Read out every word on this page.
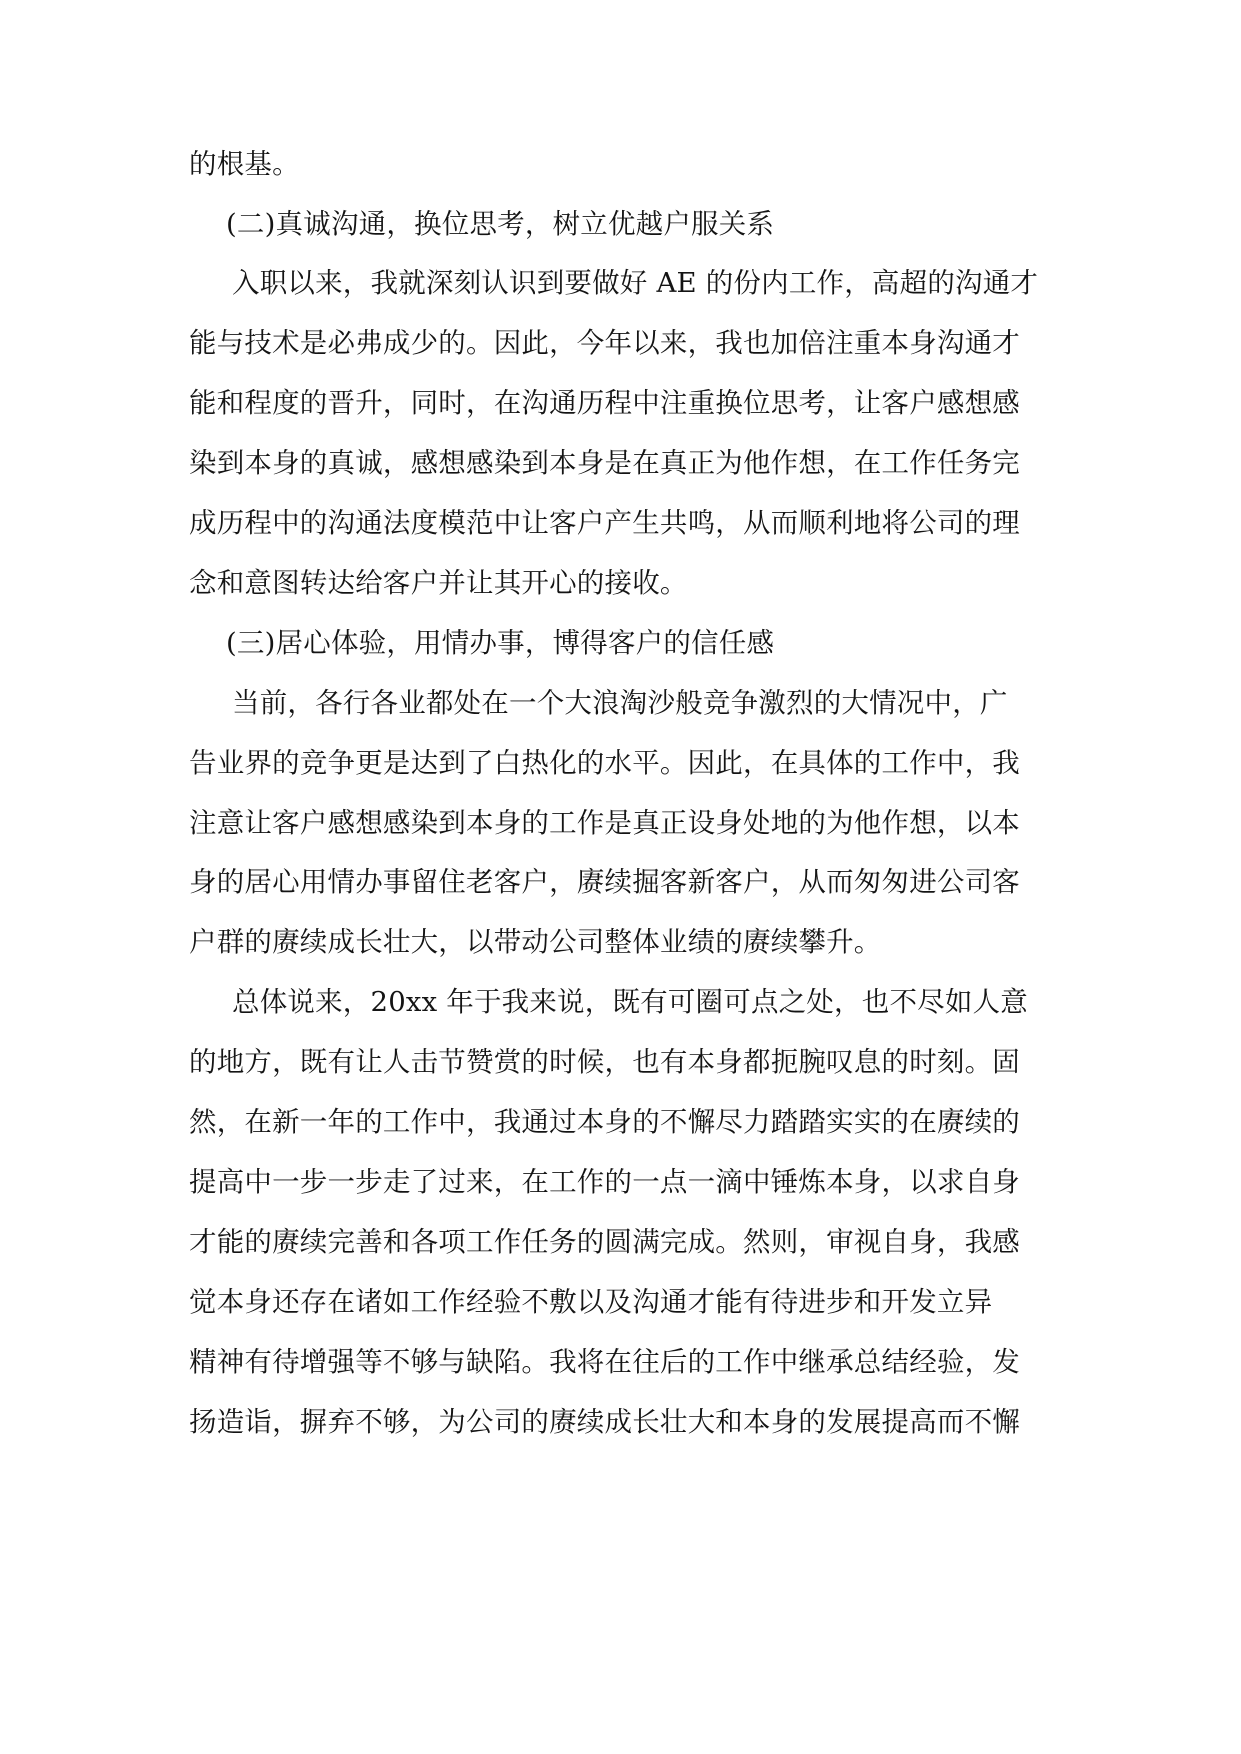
的根基。
(二)真诚沟通，换位思考，树立优越户服关系
入职以来，我就深刻认识到要做好 AE 的份内工作，高超的沟通才
能与技术是必弗成少的。因此，今年以来，我也加倍注重本身沟通才
能和程度的晋升，同时，在沟通历程中注重换位思考，让客户感想感
染到本身的真诚，感想感染到本身是在真正为他作想，在工作任务完
成历程中的沟通法度模范中让客户产生共鸣，从而顺利地将公司的理
念和意图转达给客户并让其开心的接收。
(三)居心体验，用情办事，博得客户的信任感
当前，各行各业都处在一个大浪淘沙般竞争激烈的大情况中，广
告业界的竞争更是达到了白热化的水平。因此，在具体的工作中，我
注意让客户感想感染到本身的工作是真正设身处地的为他作想，以本
身的居心用情办事留住老客户，赓续掘客新客户，从而匆匆进公司客
户群的赓续成长壮大，以带动公司整体业绩的赓续攀升。
总体说来，20xx 年于我来说，既有可圈可点之处，也不尽如人意
的地方，既有让人击节赞赏的时候，也有本身都扼腕叹息的时刻。固
然，在新一年的工作中，我通过本身的不懈尽力踏踏实实的在赓续的
提高中一步一步走了过来，在工作的一点一滴中锤炼本身，以求自身
才能的赓续完善和各项工作任务的圆满完成。然则，审视自身，我感
觉本身还存在诸如工作经验不敷以及沟通才能有待进步和开发立异
精神有待增强等不够与缺陷。我将在往后的工作中继承总结经验，发
扬造诣，摒弃不够，为公司的赓续成长壮大和本身的发展提高而不懈
